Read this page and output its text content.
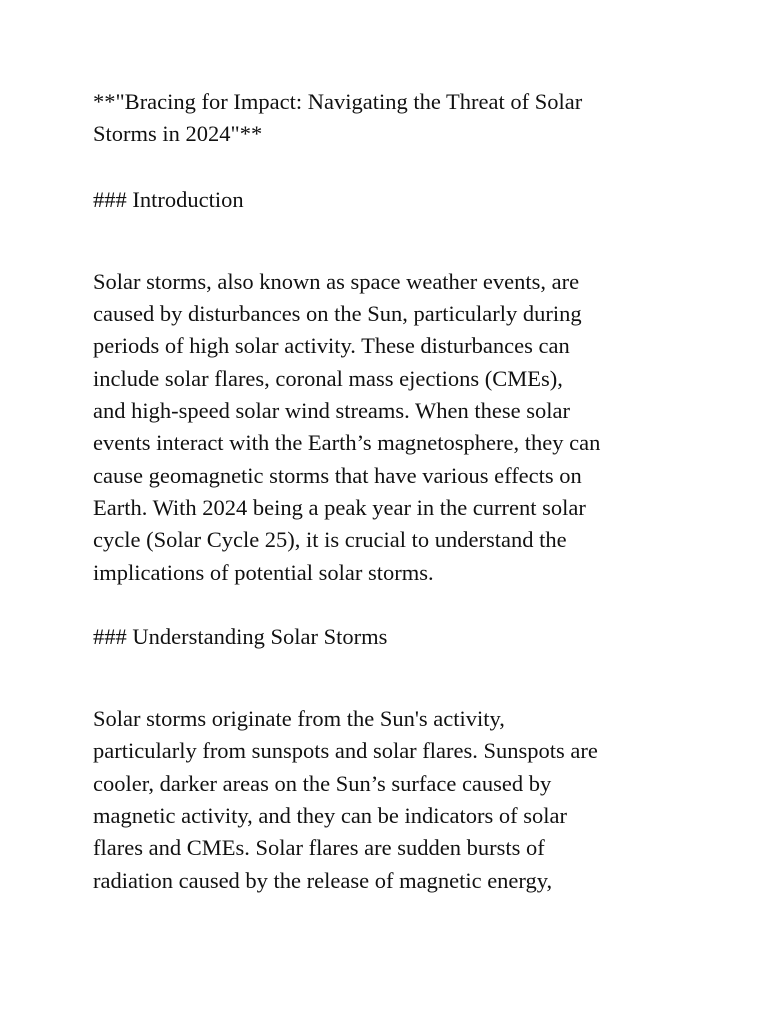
**"Bracing for Impact: Navigating the Threat of Solar
Storms in 2024"**
### Introduction
Solar storms, also known as space weather events, are
caused by disturbances on the Sun, particularly during
periods of high solar activity. These disturbances can
include solar flares, coronal mass ejections (CMEs),
and high-speed solar wind streams. When these solar
events interact with the Earth’s magnetosphere, they can
cause geomagnetic storms that have various effects on
Earth. With 2024 being a peak year in the current solar
cycle (Solar Cycle 25), it is crucial to understand the
implications of potential solar storms.
### Understanding Solar Storms
Solar storms originate from the Sun's activity,
particularly from sunspots and solar flares. Sunspots are
cooler, darker areas on the Sun’s surface caused by
magnetic activity, and they can be indicators of solar
flares and CMEs. Solar flares are sudden bursts of
radiation caused by the release of magnetic energy,
